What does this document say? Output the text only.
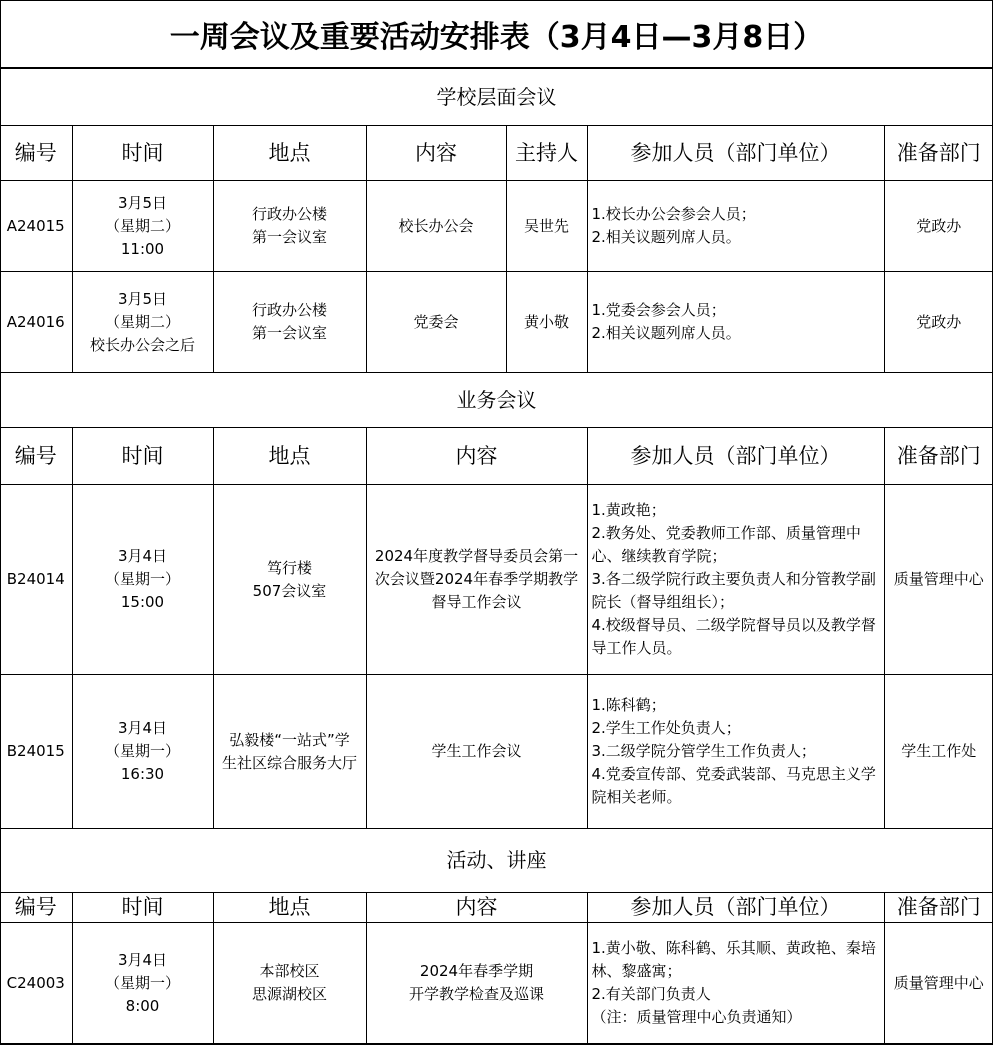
一周会议及重要活动安排表（3月4日—3月8日）
学校层面会议						
编号	时间	地点	内容	主持人	参加人员（部门单位）	准备部门
A24015	3月5日
（星期二）
11:00	行政办公楼
第一会议室	校长办公会	吴世先	1.校长办公会参会人员；
2.相关议题列席人员。	党政办
A24016	3月5日
（星期二）
校长办公会之后	行政办公楼
第一会议室	党委会	黄小敬	1.党委会参会人员；
2.相关议题列席人员。	党政办
业务会议						
编号	时间	地点	内容		参加人员（部门单位）	准备部门
B24014	3月4日
（星期一）
15:00	笃行楼
507会议室	2024年度教学督导委员会第一
次会议暨2024年春季学期教学
督导工作会议		1.黄政艳；
2.教务处、党委教师工作部、质量管理中心、继续教育学院；
3.各二级学院行政主要负责人和分管教学副院长（督导组组长）；
4.校级督导员、二级学院督导员以及教学督导工作人员。	质量管理中心
B24015	3月4日
（星期一）
16:30	弘毅楼“一站式”学
生社区综合服务大厅	学生工作会议		1.陈科鹤；
2.学生工作处负责人；
3.二级学院分管学生工作负责人；
4.党委宣传部、党委武装部、马克思主义学院相关老师。	学生工作处
活动、讲座						
编号	时间	地点	内容		参加人员（部门单位）	准备部门
C24003	3月4日
（星期一）
8:00	本部校区
思源湖校区	2024年春季学期
开学教学检查及巡课		1.黄小敬、陈科鹤、乐其顺、黄政艳、秦培林、黎盛寓；
2.有关部门负责人
（注：质量管理中心负责通知）	质量管理中心
